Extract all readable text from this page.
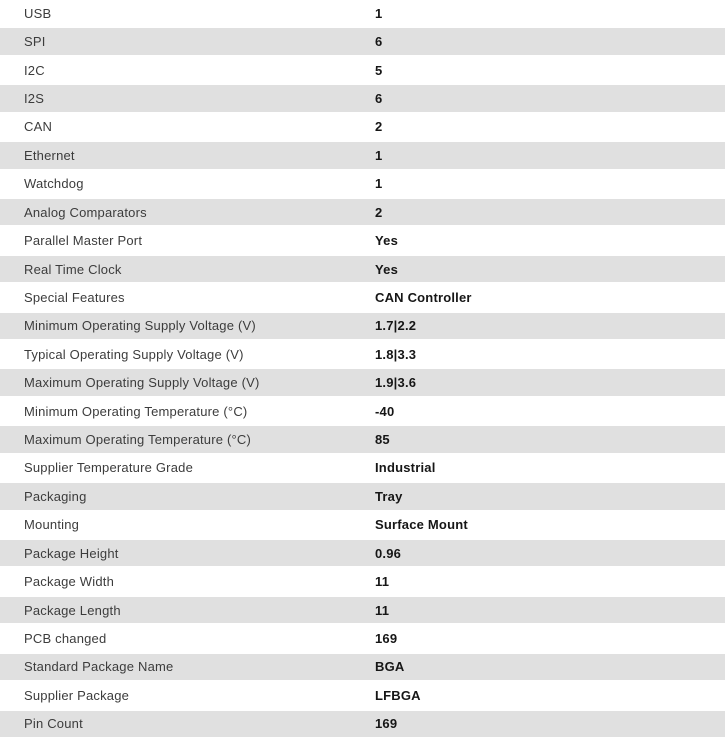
USB	1
SPI	6
I2C	5
I2S	6
CAN	2
Ethernet	1
Watchdog	1
Analog Comparators	2
Parallel Master Port	Yes
Real Time Clock	Yes
Special Features	CAN Controller
Minimum Operating Supply Voltage (V)	1.7|2.2
Typical Operating Supply Voltage (V)	1.8|3.3
Maximum Operating Supply Voltage (V)	1.9|3.6
Minimum Operating Temperature (°C)	-40
Maximum Operating Temperature (°C)	85
Supplier Temperature Grade	Industrial
Packaging	Tray
Mounting	Surface Mount
Package Height	0.96
Package Width	11
Package Length	11
PCB changed	169
Standard Package Name	BGA
Supplier Package	LFBGA
Pin Count	169
